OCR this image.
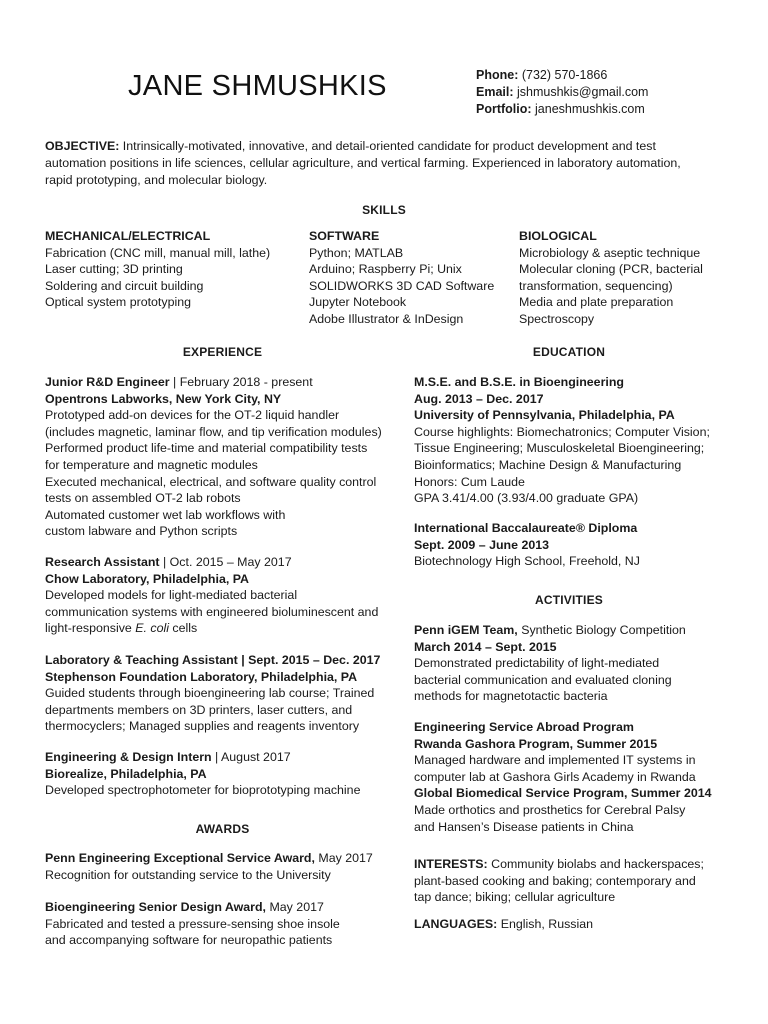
JANE SHMUSHKIS	Phone: (732) 570-1866
Email: jshmushkis@gmail.com
Portfolio: janeshmushkis.com
OBJECTIVE: Intrinsically-motivated, innovative, and detail-oriented candidate for product development and test
automation positions in life sciences, cellular agriculture, and vertical farming. Experienced in laboratory automation,
rapid prototyping, and molecular biology.
SKILLS
MECHANICAL/ELECTRICAL
Fabrication (CNC mill, manual mill, lathe)
Laser cutting; 3D printing
Soldering and circuit building
Optical system prototyping
SOFTWARE
Python; MATLAB
Arduino; Raspberry Pi; Unix
SOLIDWORKS 3D CAD Software
Jupyter Notebook
Adobe Illustrator & InDesign
BIOLOGICAL
Microbiology & aseptic technique
Molecular cloning (PCR, bacterial
transformation, sequencing)
Media and plate preparation
Spectroscopy
EXPERIENCE
Junior R&D Engineer | February 2018 - present
Opentrons Labworks, New York City, NY
Prototyped add-on devices for the OT-2 liquid handler
(includes magnetic, laminar flow, and tip verification modules)
Performed product life-time and material compatibility tests
for temperature and magnetic modules
Executed mechanical, electrical, and software quality control
tests on assembled OT-2 lab robots
Automated customer wet lab workflows with
custom labware and Python scripts
Research Assistant | Oct. 2015 – May 2017
Chow Laboratory, Philadelphia, PA
Developed models for light-mediated bacterial
communication systems with engineered bioluminescent and
light-responsive E. coli cells
Laboratory & Teaching Assistant | Sept. 2015 – Dec. 2017
Stephenson Foundation Laboratory, Philadelphia, PA
Guided students through bioengineering lab course; Trained
departments members on 3D printers, laser cutters, and
thermocyclers; Managed supplies and reagents inventory
Engineering & Design Intern | August 2017
Biorealize, Philadelphia, PA
Developed spectrophotometer for bioprototyping machine
AWARDS
Penn Engineering Exceptional Service Award, May 2017
Recognition for outstanding service to the University
Bioengineering Senior Design Award, May 2017
Fabricated and tested a pressure-sensing shoe insole
and accompanying software for neuropathic patients
EDUCATION
M.S.E. and B.S.E. in Bioengineering
Aug. 2013 – Dec. 2017
University of Pennsylvania, Philadelphia, PA
Course highlights: Biomechatronics; Computer Vision;
Tissue Engineering; Musculoskeletal Bioengineering;
Bioinformatics; Machine Design & Manufacturing
Honors: Cum Laude
GPA 3.41/4.00 (3.93/4.00 graduate GPA)
International Baccalaureate® Diploma
Sept. 2009 – June 2013
Biotechnology High School, Freehold, NJ
ACTIVITIES
Penn iGEM Team, Synthetic Biology Competition
March 2014 – Sept. 2015
Demonstrated predictability of light-mediated
bacterial communication and evaluated cloning
methods for magnetotactic bacteria
Engineering Service Abroad Program
Rwanda Gashora Program, Summer 2015
Managed hardware and implemented IT systems in
computer lab at Gashora Girls Academy in Rwanda
Global Biomedical Service Program, Summer 2014
Made orthotics and prosthetics for Cerebral Palsy
and Hansen’s Disease patients in China
INTERESTS: Community biolabs and hackerspaces;
plant-based cooking and baking; contemporary and
tap dance; biking; cellular agriculture
LANGUAGES: English, Russian
